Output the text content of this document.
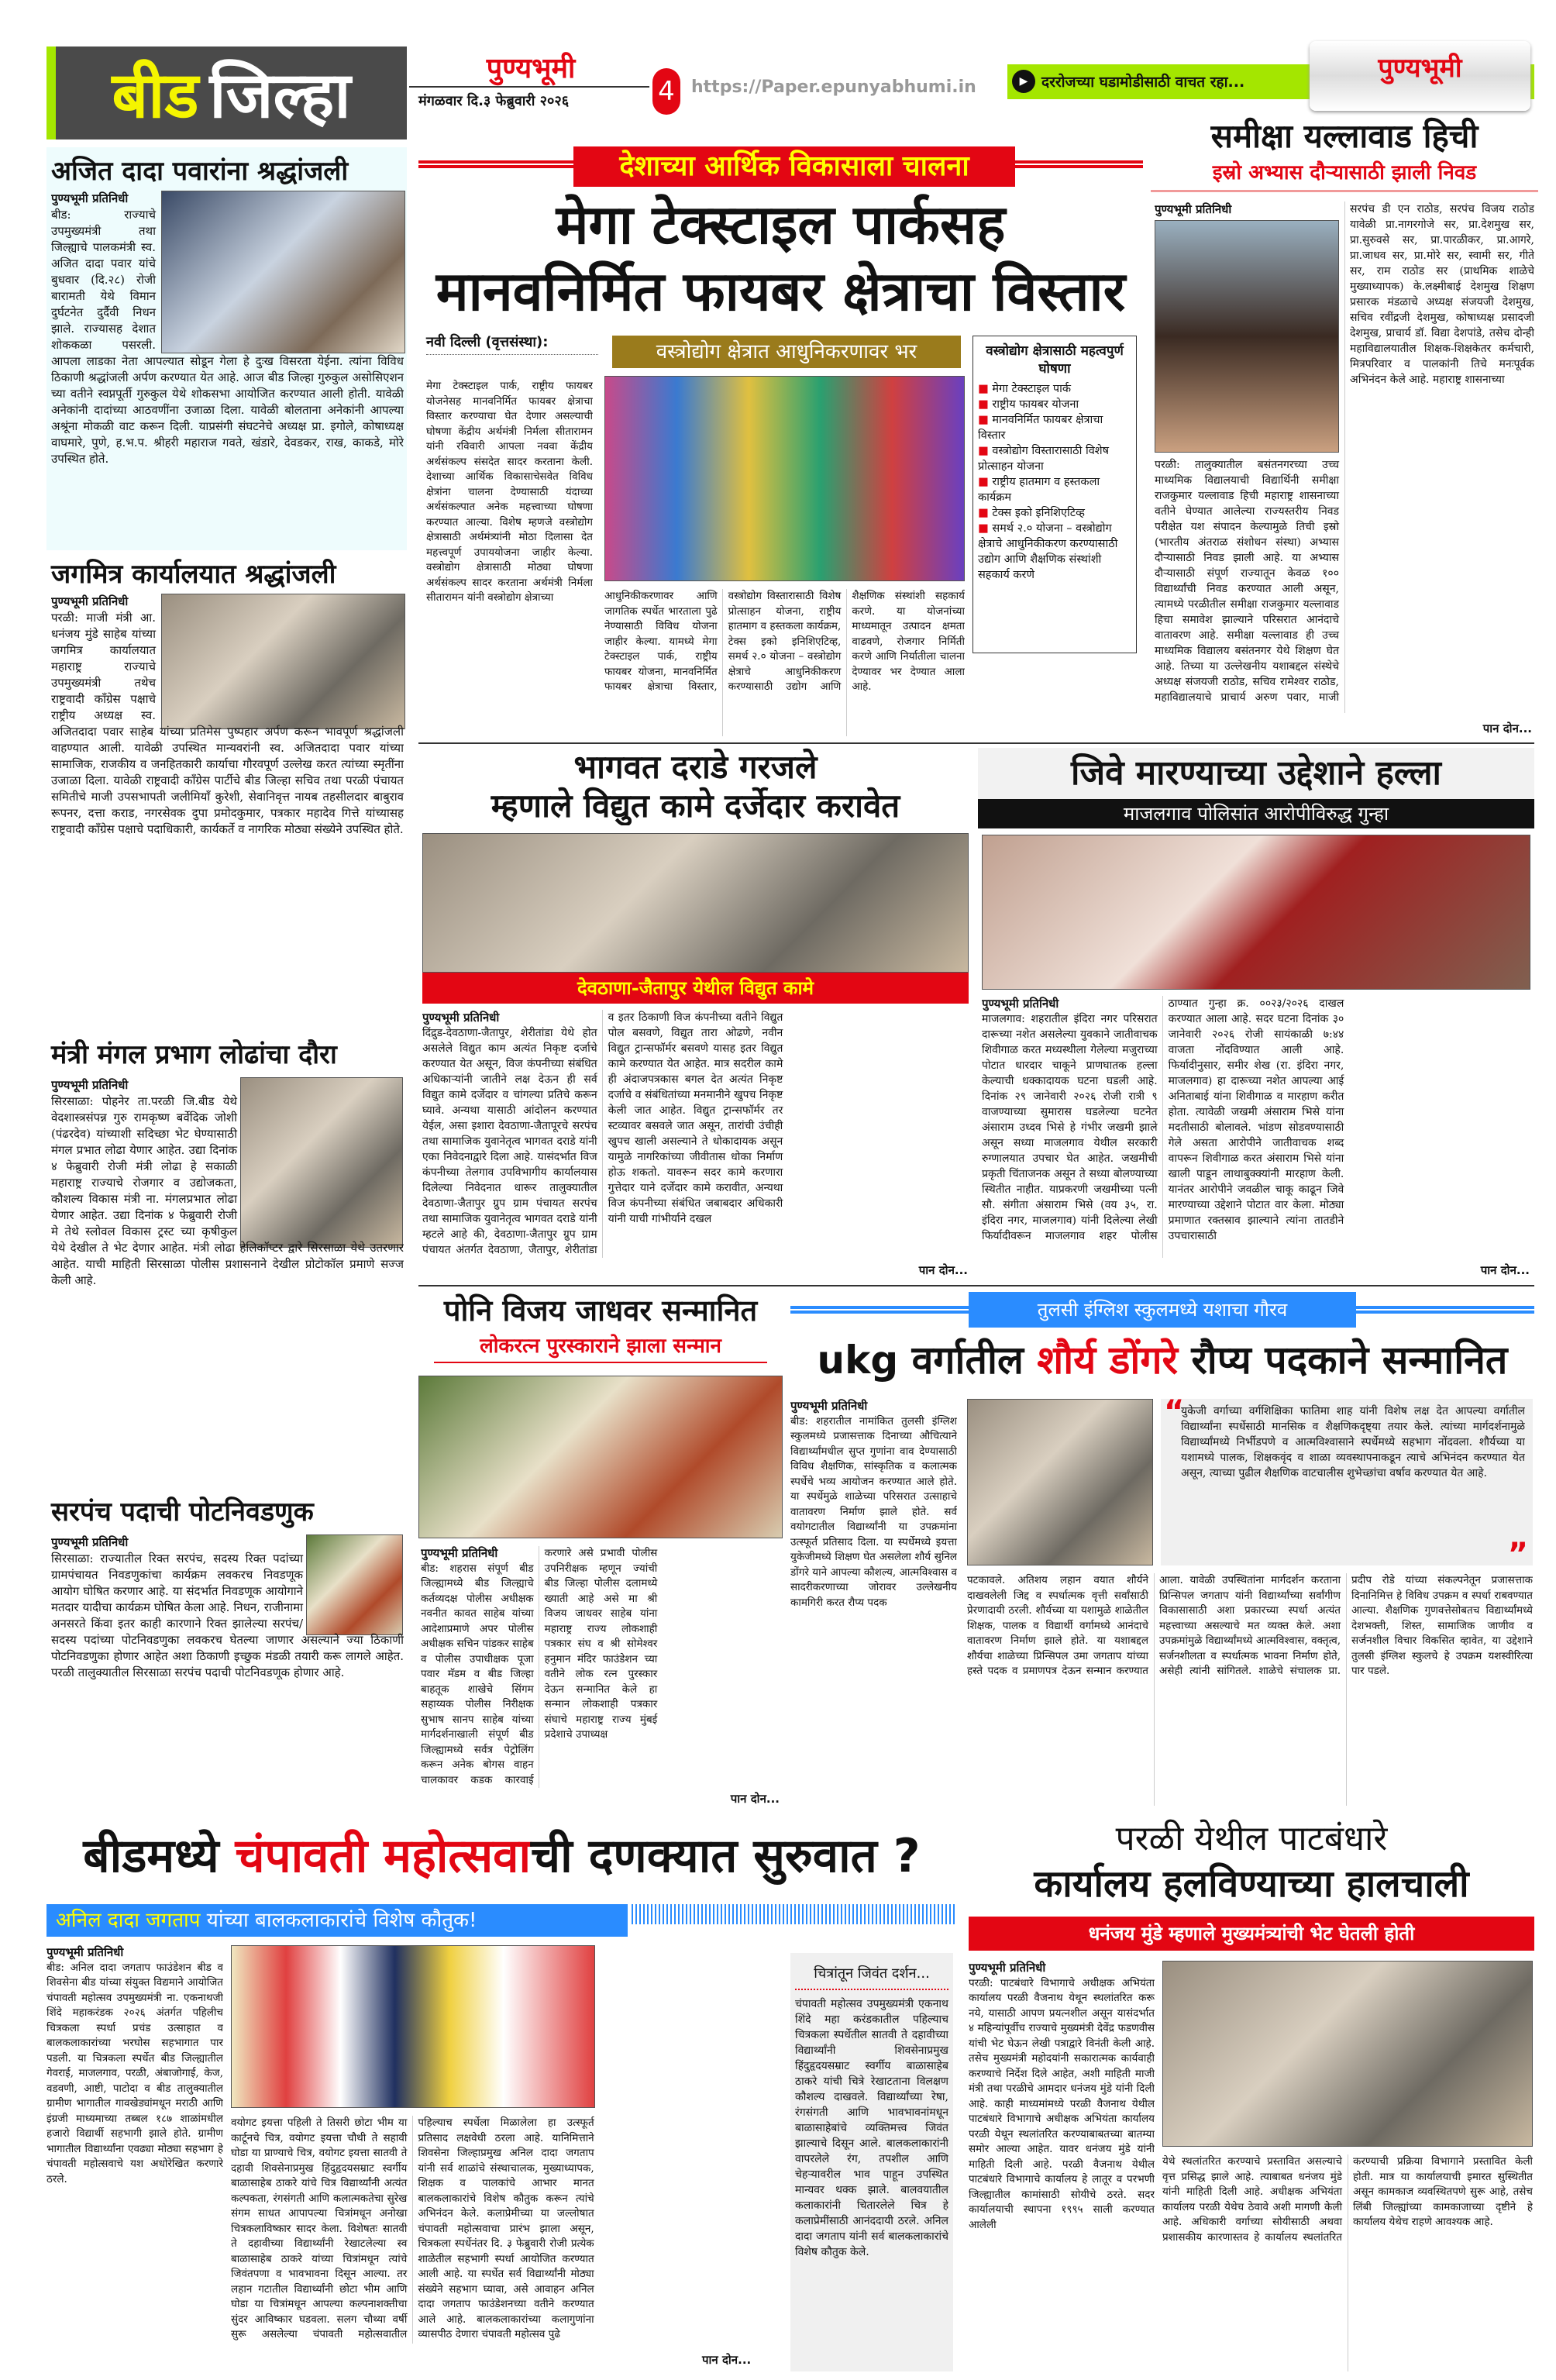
बीड जिल्हा	पुण्यभूमी
मंगळवार दि.३ फेब्रुवारी २०२६	4 https://Paper.epunyabhumi.in	▶ दररोजच्या घडामोडीसाठी वाचत रहा...	पुण्यभूमी
अजित दादा पवारांना श्रद्धांजली
पुण्यभूमी प्रतिनिधी
बीड: राज्याचे उपमुख्यमंत्री तथा जिल्ह्याचे पालकमंत्री स्व. अजित दादा पवार यांचे बुधवार (दि.२८) रोजी बारामती येथे विमान दुर्घटनेत दुर्दैवी निधन झाले. राज्यासह देशात शोककळा पसरली. आपला लाडका नेता आपल्यात सोडून गेला हे दुःख विसरता येईना. त्यांना विविध ठिकाणी श्रद्धांजली अर्पण करण्यात येत आहे. आज बीड जिल्हा गुरुकुल असोसिएशन च्या वतीने स्वप्नपूर्ती गुरुकुल येथे शोकसभा आयोजित करण्यात आली होती. यावेळी अनेकांनी दादांच्या आठवणींना उजाळा दिला. यावेळी बोलताना अनेकांनी आपल्या अश्रूंना मोकळी वाट करून दिली. याप्रसंगी संघटनेचे अध्यक्ष प्रा. इगोले, कोषाध्यक्ष वाघमारे, पुणे, ह.भ.प. श्रीहरी महाराज गवते, खंडारे, देवडकर, राख, काकडे, मोरे उपस्थित होते.
जगमित्र कार्यालयात श्रद्धांजली
पुण्यभूमी प्रतिनिधी
परळी: माजी मंत्री आ. धनंजय मुंडे साहेब यांच्या जगमित्र कार्यालयात महाराष्ट्र राज्याचे उपमुख्यमंत्री तथेच राष्ट्रवादी काँग्रेस पक्षाचे राष्ट्रीय अध्यक्ष स्व. अजितदादा पवार साहेब यांच्या प्रतिमेस पुष्पहार अर्पण करून भावपूर्ण श्रद्धांजली वाहण्यात आली. यावेळी उपस्थित मान्यवरांनी स्व. अजितदादा पवार यांच्या सामाजिक, राजकीय व जनहितकारी कार्याचा गौरवपूर्ण उल्लेख करत त्यांच्या स्मृतींना उजाळा दिला. यावेळी राष्ट्रवादी काँग्रेस पार्टीचे बीड जिल्हा सचिव तथा परळी पंचायत समितीचे माजी उपसभापती जलीमियाँ कुरेशी, सेवानिवृत्त नायब तहसीलदार बाबुराव रूपनर, दत्ता कराड, नगरसेवक दुपा प्रमोदकुमार, पत्रकार महादेव गित्ते यांच्यासह राष्ट्रवादी काँग्रेस पक्षाचे पदाधिकारी, कार्यकर्ते व नागरिक मोठ्या संख्येने उपस्थित होते.
मंत्री मंगल प्रभाग लोढांचा दौरा
पुण्यभूमी प्रतिनिधी
सिरसाळा: पोहनेर ता.परळी जि.बीड येथे वेदशास्त्रसंपन्न गुरु रामकृष्ण बर्वेदिक जोशी (पंढरदेव) यांच्याशी सदिच्छा भेट घेण्यासाठी मंगल प्रभात लोढा येणार आहेत. उद्या दिनांक ४ फेब्रुवारी रोजी मंत्री लोढा हे सकाळी महाराष्ट्र राज्याचे रोजगार व उद्योजकता, कौशल्य विकास मंत्री ना. मंगलप्रभात लोढा येणार आहेत. उद्या दिनांक ४ फेब्रुवारी रोजी मे तेथे स्लोवल विकास ट्रस्ट च्या कृषीकुल येथे देखील ते भेट देणार आहेत. मंत्री लोढा हेलिकॉप्टर द्वारे सिरसाळा येथे उतरणार आहेत. याची माहिती सिरसाळा पोलीस प्रशासनाने देखील प्रोटोकॉल प्रमाणे सज्ज केली आहे.
सरपंच पदाची पोटनिवडणुक
पुण्यभूमी प्रतिनिधी
सिरसाळा: राज्यातील रिक्त सरपंच, सदस्य रिक्त पदांच्या ग्रामपंचायत निवडणुकांचा कार्यक्रम लवकरच निवडणूक आयोग घोषित करणार आहे. या संदर्भात निवडणूक आयोगाने मतदार यादीचा कार्यक्रम घोषित केला आहे. निधन, राजीनामा अनसरते किंवा इतर काही कारणाने रिक्त झालेल्या सरपंच/सदस्य पदांच्या पोटनिवडणुका लवकरच घेतल्या जाणार असल्याने ज्या ठिकाणी पोटनिवडणुका होणार आहेत अशा ठिकाणी इच्छुक मंडळी तयारी करू लागले आहेत. परळी तालुक्यातील सिरसाळा सरपंच पदाची पोटनिवडणूक होणार आहे.
देशाच्या आर्थिक विकासाला चालना
मेगा टेक्स्टाइल पार्कसह
मानवनिर्मित फायबर क्षेत्राचा विस्तार
नवी दिल्ली (वृत्तसंस्था):
मेगा टेक्स्टाइल पार्क, राष्ट्रीय फायबर योजनेसह मानवनिर्मित फायबर क्षेत्राचा विस्तार करण्याचा घेत देणार असल्याची घोषणा केंद्रीय अर्थमंत्री निर्मला सीतारामन यांनी रविवारी आपला नववा केंद्रीय अर्थसंकल्प संसदेत सादर करताना केली. देशाच्या आर्थिक विकासाचेसवेत विविध क्षेत्रांना चालना देण्यासाठी यंदाच्या अर्थसंकल्पात अनेक महत्त्वाच्या घोषणा करण्यात आल्या. विशेष म्हणजे वस्त्रोद्योग क्षेत्रासाठी अर्थमंत्र्यांनी मोठा दिलासा देत महत्त्वपूर्ण उपाययोजना जाहीर केल्या. वस्त्रोद्योग क्षेत्रासाठी मोठ्या घोषणा अर्थसंकल्प सादर करताना अर्थमंत्री निर्मला सीतारामन यांनी वस्त्रोद्योग क्षेत्राच्या
वस्त्रोद्योग क्षेत्रात आधुनिकरणावर भर
आधुनिकीकरणावर आणि जागतिक स्पर्धेत भारताला पुढे नेण्यासाठी विविध योजना जाहीर केल्या. यामध्ये मेगा टेक्स्टाइल पार्क, राष्ट्रीय फायबर योजना, मानवनिर्मित फायबर क्षेत्राचा विस्तार, वस्त्रोद्योग विस्तारासाठी विशेष प्रोत्साहन योजना, राष्ट्रीय हातमाग व हस्तकला कार्यक्रम, टेक्स इको इनिशिएटिव्ह, समर्थ २.० योजना – वस्त्रोद्योग क्षेत्राचे आधुनिकीकरण करण्यासाठी उद्योग आणि शैक्षणिक संस्थांशी सहकार्य करणे. या योजनांच्या माध्यमातून उत्पादन क्षमता वाढवणे, रोजगार निर्मिती करणे आणि निर्यातीला चालना देण्यावर भर देण्यात आला आहे.
वस्त्रोद्योग क्षेत्रासाठी महत्वपुर्ण घोषणा
■ मेगा टेक्स्टाइल पार्क
■ राष्ट्रीय फायबर योजना
■ मानवनिर्मित फायबर क्षेत्राचा विस्तार
■ वस्त्रोद्योग विस्तारासाठी विशेष प्रोत्साहन योजना
■ राष्ट्रीय हातमाग व हस्तकला कार्यक्रम
■ टेक्स इको इनिशिएटिव्ह
■ समर्थ २.० योजना – वस्त्रोद्योग क्षेत्राचे आधुनिकीकरण करण्यासाठी उद्योग आणि शैक्षणिक संस्थांशी सहकार्य करणे
समीक्षा यल्लावाड हिची
इस्रो अभ्यास दौऱ्यासाठी झाली निवड
पुण्यभूमी प्रतिनिधी
परळी: तालुक्यातील बसंतनगरच्या उच्च माध्यमिक विद्यालयाची विद्यार्थिनी समीक्षा राजकुमार यल्लावाड हिची महाराष्ट्र शासनाच्या वतीने घेण्यात आलेल्या राज्यस्तरीय निवड परीक्षेत यश संपादन केल्यामुळे तिची इस्रो (भारतीय अंतराळ संशोधन संस्था) अभ्यास दौऱ्यासाठी निवड झाली आहे. या अभ्यास दौऱ्यासाठी संपूर्ण राज्यातून केवळ १०० विद्यार्थ्यांची निवड करण्यात आली असून, त्यामध्ये परळीतील समीक्षा राजकुमार यल्लावाड हिचा समावेश झाल्याने परिसरात आनंदाचे वातावरण आहे. समीक्षा यल्लावाड ही उच्च माध्यमिक विद्यालय बसंतनगर येथे शिक्षण घेत आहे. तिच्या या उल्लेखनीय यशाबद्दल संस्थेचे अध्यक्ष संजयजी राठोड, सचिव रामेश्वर राठोड, महाविद्यालयाचे प्राचार्य अरुण पवार, माजी सरपंच डी एन राठोड, सरपंच विजय राठोड यावेळी प्रा.नागरगोजे सर, प्रा.देशमुख सर, प्रा.सुरुवसे सर, प्रा.पारळीकर, प्रा.आगरे, प्रा.जाधव सर, प्रा.मोरे सर, स्वामी सर, गीते सर, राम राठोड सर (प्राथमिक शाळेचे मुख्याध्यापक) के.लक्ष्मीबाई देशमुख शिक्षण प्रसारक मंडळाचे अध्यक्ष संजयजी देशमुख, सचिव रवींद्रजी देशमुख, कोषाध्यक्ष प्रसादजी देशमुख, प्राचार्य डॉ. विद्या देशपांडे, तसेच दोन्ही महाविद्यालयातील शिक्षक-शिक्षकेतर कर्मचारी, मित्रपरिवार व पालकांनी तिचे मनःपूर्वक अभिनंदन केले आहे. महाराष्ट्र शासनाच्या
पान दोन...
भागवत दराडे गरजले
म्हणाले विद्युत कामे दर्जेदार करावेत
देवठाणा-जैतापुर येथील विद्युत कामे
पुण्यभूमी प्रतिनिधी
दिंद्रुड-देवठाणा-जैतापुर, शेरीतांडा येथे होत असलेले विद्युत काम अत्यंत निकृष्ट दर्जाचे करण्यात येत असून, विज कंपनीच्या संबंधित अधिकाऱ्यांनी जातीने लक्ष देऊन ही सर्व विद्युत कामे दर्जेदार व चांगल्या प्रतिचे करून घ्यावे. अन्यथा यासाठी आंदोलन करण्यात येईल, असा इशारा देवठाणा-जैतापूरचे सरपंच तथा सामाजिक युवानेतृत्व भागवत दराडे यांनी एका निवेदनाद्वारे दिला आहे. यासंदर्भात विज कंपनीच्या तेलगाव उपविभागीय कार्यालयास दिलेल्या निवेदनात धारूर तालुक्यातील देवठाणा-जैतापुर ग्रुप ग्राम पंचायत सरपंच तथा सामाजिक युवानेतृत्व भागवत दराडे यांनी म्हटले आहे की, देवठाणा-जैतापुर ग्रुप ग्राम पंचायत अंतर्गत देवठाणा, जैतापुर, शेरीतांडा व इतर ठिकाणी विज कंपनीच्या वतीने विद्युत पोल बसवणे, विद्युत तारा ओढणे, नवीन विद्युत ट्रान्सफॉर्मर बसवणे यासह इतर विद्युत कामे करण्यात येत आहेत. मात्र सदरील कामे ही अंदाजपत्रकास बगल देत अत्यंत निकृष्ट दर्जाचे व संबंधितांच्या मनमानीने खुपच निकृष्ट केली जात आहेत. विद्युत ट्रान्सफॉर्मर तर स्टव्यावर बसवले जात असून, तारांची उंचीही खुपच खाली असल्याने ते धोकादायक असून यामुळे नागरिकांच्या जीवीतास धोका निर्माण होऊ शकतो. यावरून सदर कामे करणारा गुत्तेदार याने दर्जेदार कामे करावीत, अन्यथा विज कंपनीच्या संबंधित जबाबदार अधिकारी यांनी याची गांभीर्याने दखल
पान दोन...
जिवे मारण्याच्या उद्देशाने हल्ला
माजलगाव पोलिसांत आरोपीविरुद्ध गुन्हा
पुण्यभूमी प्रतिनिधी
माजलगाव: शहरातील इंदिरा नगर परिसरात दारूच्या नशेत असलेल्या युवकाने जातीवाचक शिवीगाळ करत मध्यस्थीला गेलेल्या मजुराच्या पोटात धारदार चाकूने प्राणघातक हल्ला केल्याची धक्कादायक घटना घडली आहे. दिनांक २९ जानेवारी २०२६ रोजी रात्री ९ वाजण्याच्या सुमारास घडलेल्या घटनेत अंसाराम उध्दव भिसे हे गंभीर जखमी झाले असून सध्या माजलगाव येथील सरकारी रुग्णालयात उपचार घेत आहेत. जखमीची प्रकृती चिंताजनक असून ते सध्या बोलण्याच्या स्थितीत नाहीत. याप्रकरणी जखमीच्या पत्नी सौ. संगीता अंसाराम भिसे (वय ३५, रा. इंदिरा नगर, माजलगाव) यांनी दिलेल्या लेखी फिर्यादीवरून माजलगाव शहर पोलीस ठाण्यात गुन्हा क्र. ००२३/२०२६ दाखल करण्यात आला आहे. सदर घटना दिनांक ३० जानेवारी २०२६ रोजी सायंकाळी ७:४४ वाजता नोंदविण्यात आली आहे. फिर्यादीनुसार, समीर शेख (रा. इंदिरा नगर, माजलगाव) हा दारूच्या नशेत आपल्या आई अनिताबाई यांना शिवीगाळ व मारहाण करीत होता. त्यावेळी जखमी अंसाराम भिसे यांना मदतीसाठी बोलावले. भांडण सोडवण्यासाठी गेले असता आरोपीने जातीवाचक शब्द वापरून शिवीगाळ करत अंसाराम भिसे यांना खाली पाडून लाथाबुक्क्यांनी मारहाण केली. यानंतर आरोपीने जवळील चाकू काढून जिवे मारण्याच्या उद्देशाने पोटात वार केला. मोठ्या प्रमाणात रक्तस्राव झाल्याने त्यांना तातडीने उपचारासाठी
पान दोन...
पोनि विजय जाधवर सन्मानित
लोकरत्न पुरस्काराने झाला सन्मान
पुण्यभूमी प्रतिनिधी
बीड: शहरास संपूर्ण बीड जिल्ह्यामध्ये बीड जिल्ह्याचे कर्तव्यदक्ष पोलीस अधीक्षक नवनीत कावत साहेब यांच्या आदेशाप्रमाणे अपर पोलीस अधीक्षक सचिन पांडकर साहेब व पोलीस उपाधीक्षक पूजा पवार मॅडम व बीड जिल्हा बाहतूक शाखेचे सिंगम सहाय्यक पोलीस निरीक्षक सुभाष सानप साहेब यांच्या मार्गदर्शनाखाली संपूर्ण बीड जिल्ह्यामध्ये सर्वत्र पेट्रोलिंग करून अनेक बोगस वाहन चालकावर कडक कारवाई करणारे असे प्रभावी पोलीस उपनिरीक्षक म्हणून ज्यांची बीड जिल्हा पोलीस दलामध्ये ख्याती आहे असे मा श्री विजय जाधवर साहेब यांना महाराष्ट्र राज्य लोकशाही पत्रकार संघ व श्री सोमेश्वर हनुमान मंदिर फाउंडेशन च्या वतीने लोक रत्न पुरस्कार देऊन सन्मानित केले हा सन्मान लोकशाही पत्रकार संघाचे महाराष्ट्र राज्य मुंबई प्रदेशाचे उपाध्यक्ष
पान दोन...
तुलसी इंग्लिश स्कुलमध्ये यशाचा गौरव
ukg वर्गातील शौर्य डोंगरे रौप्य पदकाने सन्मानित
पुण्यभूमी प्रतिनिधी
बीड: शहरातील नामांकित तुलसी इंग्लिश स्कुलमध्ये प्रजासत्ताक दिनाच्या औचित्याने विद्यार्थ्यांमधील सुप्त गुणांना वाव देण्यासाठी विविध शैक्षणिक, सांस्कृतिक व कलात्मक स्पर्धेचे भव्य आयोजन करण्यात आले होते. या स्पर्धेमुळे शाळेच्या परिसरात उत्साहाचे वातावरण निर्माण झाले होते. सर्व वयोगटातील विद्यार्थ्यांनी या उपक्रमांना उत्स्फूर्त प्रतिसाद दिला. या स्पर्धेमध्ये इयत्ता युकेजीमध्ये शिक्षण घेत असलेला शौर्य सुनिल डोंगरे याने आपल्या कौशल्य, आत्मविश्वास व सादरीकरणाच्या जोरावर उल्लेखनीय कामगिरी करत रौप्य पदक
“
युकेजी वर्गाच्या वर्गशिक्षिका फातिमा शाह यांनी विशेष लक्ष देत आपल्या वर्गातील विद्यार्थ्यांना स्पर्धेसाठी मानसिक व शैक्षणिकदृष्ट्या तयार केले. त्यांच्या मार्गदर्शनामुळे विद्यार्थ्यांमध्ये निर्भीडपणे व आत्मविश्वासाने स्पर्धेमध्ये सहभाग नोंदवला. शौर्यच्या या यशामध्ये पालक, शिक्षकवृंद व शाळा व्यवस्थापनाकडून त्याचे अभिनंदन करण्यात येत असून, त्याच्या पुढील शैक्षणिक वाटचालीस शुभेच्छांचा वर्षाव करण्यात येत आहे.
”
पटकावले. अतिशय लहान वयात शौर्यने दाखवलेली जिद्द व स्पर्धात्मक वृत्ती सर्वांसाठी प्रेरणादायी ठरली. शौर्यच्या या यशामुळे शाळेतील शिक्षक, पालक व विद्यार्थी वर्गामध्ये आनंदाचे वातावरण निर्माण झाले होते. या यशाबद्दल शौर्यचा शाळेच्या प्रिन्सिपल उमा जगताप यांच्या हस्ते पदक व प्रमाणपत्र देऊन सन्मान करण्यात आला. यावेळी उपस्थितांना मार्गदर्शन करताना प्रिन्सिपल जगताप यांनी विद्यार्थ्यांच्या सर्वांगीण विकासासाठी अशा प्रकारच्या स्पर्धा अत्यंत महत्त्वाच्या असल्याचे मत व्यक्त केले. अशा उपक्रमांमुळे विद्यार्थ्यांमध्ये आत्मविश्वास, वक्तृत्व, सर्जनशीलता व स्पर्धात्मक भावना निर्माण होते, असेही त्यांनी सांगितले. शाळेचे संचालक प्रा. प्रदीप रोडे यांच्या संकल्पनेतून प्रजासत्ताक दिनानिमित्त हे विविध उपक्रम व स्पर्धा राबवण्यात आल्या. शैक्षणिक गुणवत्तेसोबतच विद्यार्थ्यांमध्ये देशभक्ती, शिस्त, सामाजिक जाणीव व सर्जनशील विचार विकसित व्हावेत, या उद्देशाने तुलसी इंग्लिश स्कुलचे हे उपक्रम यशस्वीरित्या पार पडले.
बीडमध्ये चंपावती महोत्सवाची दणक्यात सुरुवात ?
अनिल दादा जगताप यांच्या बालकलाकारांचे विशेष कौतुक!
पुण्यभूमी प्रतिनिधी
बीड: अनिल दादा जगताप फाउंडेशन बीड व शिवसेना बीड यांच्या संयुक्त विद्यमाने आयोजित चंपावती महोत्सव उपमुख्यमंत्री ना. एकनाथजी शिंदे महाकरंडक २०२६ अंतर्गत पहिलीच चित्रकला स्पर्धा प्रचंड उत्साहात व बालकलाकारांच्या भरघोस सहभागात पार पडली. या चित्रकला स्पर्धेत बीड जिल्ह्यातील गेवराई, माजलगाव, परळी, अंबाजोगाई, केज, वडवणी, आष्टी, पाटोदा व बीड तालुक्यातील ग्रामीण भागातील गावखेड्यांमधून मराठी आणि इंग्रजी माध्यमाच्या तब्बल १८७ शाळांमधील हजारो विद्यार्थी सहभागी झाले होते. ग्रामीण भागातील विद्यार्थ्यांना एवढ्या मोठ्या सहभाग हे चंपावती महोत्सवाचे यश अधोरेखित करणारे ठरले.
वयोगट इयत्ता पहिली ते तिसरी छोटा भीम या कार्टूनचे चित्र, वयोगट इयत्ता चौथी ते सहावी घोडा या प्राण्याचे चित्र, वयोगट इयत्ता सातवी ते दहावी शिवसेनाप्रमुख हिंदुहृदयसम्राट स्वर्गीय बाळासाहेब ठाकरे यांचे चित्र विद्यार्थ्यांनी अत्यंत कल्पकता, रंगसंगती आणि कलात्मकतेचा सुरेख संगम साधत आपापल्या चित्रांमधून अनोखा चित्रकलाविष्कार सादर केला. विशेषतः सातवी ते दहावीच्या विद्यार्थ्यांनी रेखाटलेल्या स्व बाळासाहेब ठाकरे यांच्या चित्रांमधून त्यांचे जिवंतपणा व भावभावना दिसून आल्या. तर लहान गटातील विद्यार्थ्यांनी छोटा भीम आणि घोडा या चित्रांमधून आपल्या कल्पनाशक्तीचा सुंदर आविष्कार घडवला. सलग चौथ्या वर्षी सुरू असलेल्या चंपावती महोत्सवातील पहिल्याच स्पर्धेला मिळालेला हा उत्स्फूर्त प्रतिसाद लक्षवेधी ठरला आहे. यानिमित्ताने शिवसेना जिल्हाप्रमुख अनिल दादा जगताप यांनी सर्व शाळांचे संस्थाचालक, मुख्याध्यापक, शिक्षक व पालकांचे आभार मानत बालकलाकारांचे विशेष कौतुक करून त्यांचे अभिनंदन केले. कलाप्रेमीच्या या जल्लोषात चंपावती महोत्सवाचा प्रारंभ झाला असून, चित्रकला स्पर्धेनंतर दि. ३ फेब्रुवारी रोजी प्रत्येक शाळेतील सहभागी स्पर्धा आयोजित करण्यात आली आहे. या स्पर्धेत सर्व विद्यार्थ्यांनी मोठ्या संख्येने सहभाग घ्यावा, असे आवाहन अनिल दादा जगताप फाउंडेशनच्या वतीने करण्यात आले आहे. बालकलाकारांच्या कलागुणांना व्यासपीठ देणारा चंपावती महोत्सव पुढे
चित्रांतून जिवंत दर्शन...
चंपावती महोत्सव उपमुख्यमंत्री एकनाथ शिंदे महा करंडकातील पहिल्याच चित्रकला स्पर्धेतील सातवी ते दहावीच्या विद्यार्थ्यांनी शिवसेनाप्रमुख हिंदुहृदयसम्राट स्वर्गीय बाळासाहेब ठाकरे यांची चित्रे रेखाटताना विलक्षण कौशल्य दाखवले. विद्यार्थ्यांच्या रेषा, रंगसंगती आणि भावभावनांमधून बाळासाहेबांचे व्यक्तिमत्त्व जिवंत झाल्याचे दिसून आले. बालकलाकारांनी वापरलेले रंग, तपशील आणि चेहऱ्यावरील भाव पाहून उपस्थित मान्यवर थक्क झाले. बालवयातील कलाकारांनी चितारलेले चित्र हे कलाप्रेमींसाठी आनंददायी ठरले. अनिल दादा जगताप यांनी सर्व बालकलाकारांचे विशेष कौतुक केले.
पान दोन...
परळी येथील पाटबंधारे
कार्यालय हलविण्याच्या हालचाली
धनंजय मुंडे म्हणाले मुख्यमंत्र्यांची भेट घेतली होती
पुण्यभूमी प्रतिनिधी
परळी: पाटबंधारे विभागाचे अधीक्षक अभियंता कार्यालय परळी वैजनाथ येथून स्थलांतरित करू नये, यासाठी आपण प्रयत्नशील असून यासंदर्भात ४ महिन्यांपूर्वीच राज्याचे मुख्यमंत्री देवेंद्र फडणवीस यांची भेट घेऊन लेखी पत्राद्वारे विनंती केली आहे. तसेच मुख्यमंत्री महोदयांनी सकारात्मक कार्यवाही करण्याचे निर्देश दिले आहेत, अशी माहिती माजी मंत्री तथा परळीचे आमदार धनंजय मुंडे यांनी दिली आहे. काही माध्यमांमध्ये परळी वैजनाथ येथील पाटबंधारे विभागाचे अधीक्षक अभियंता कार्यालय परळी येथून स्थलांतरित करण्याबाबतच्या बातम्या समोर आल्या आहेत. यावर धनंजय मुंडे यांनी माहिती दिली आहे. परळी वैजनाथ येथील पाटबंधारे विभागाचे कार्यालय हे लातूर व परभणी जिल्ह्यातील कामांसाठी सोयीचे ठरते. सदर कार्यालयाची स्थापना १९९५ साली करण्यात आलेली
येथे स्थलांतरित करण्याचे प्रस्तावित असल्याचे वृत्त प्रसिद्ध झाले आहे. त्याबाबत धनंजय मुंडे यांनी माहिती दिली आहे. अधीक्षक अभियंता कार्यालय परळी येथेच ठेवावे अशी मागणी केली आहे. अधिकारी वर्गाच्या सोयीसाठी अथवा प्रशासकीय कारणास्तव हे कार्यालय स्थलांतरित करण्याची प्रक्रिया विभागाने प्रस्तावित केली होती. मात्र या कार्यालयाची इमारत सुस्थितीत असून कामकाज व्यवस्थितपणे सुरू आहे, तसेच लिंबी जिल्ह्यांच्या कामकाजाच्या दृष्टीने हे कार्यालय येथेच राहणे आवश्यक आहे.
